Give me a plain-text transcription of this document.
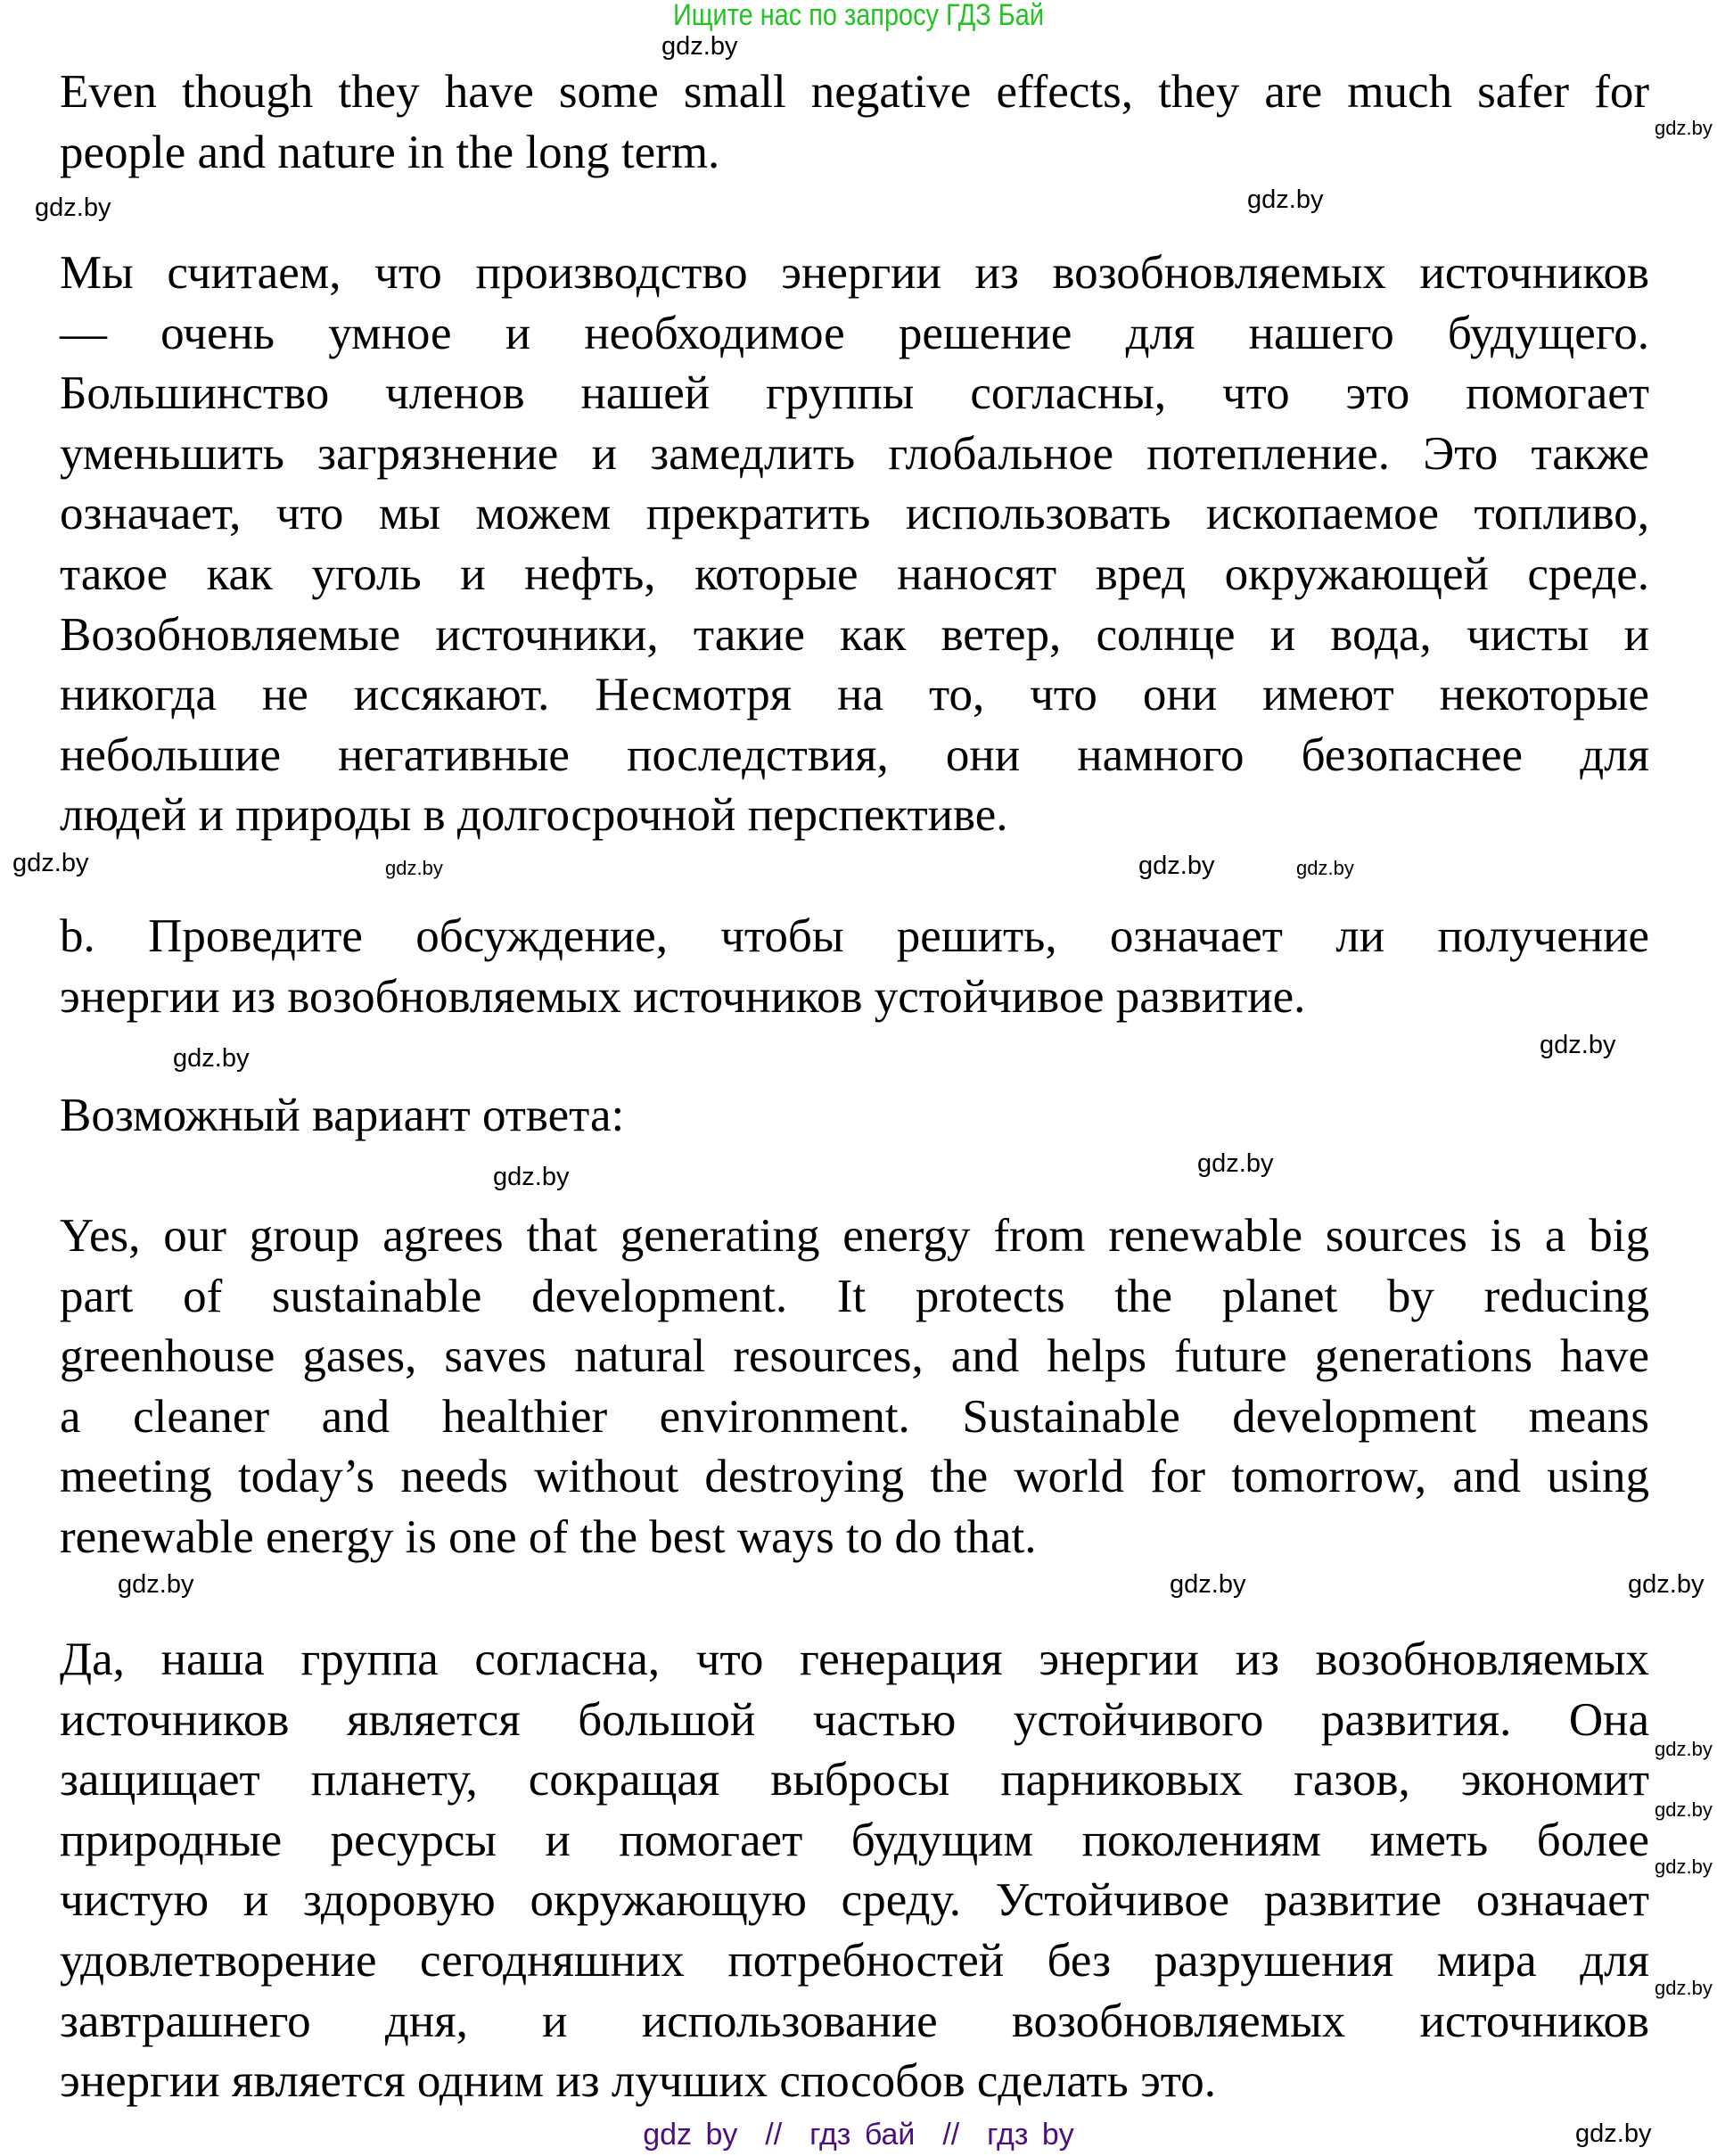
Ищите нас по запросу ГДЗ Бай
Even though they have some small negative effects, they are much safer for
people and nature in the long term.
Мы считаем, что производство энергии из возобновляемых источников
— очень умное и необходимое решение для нашего будущего.
Большинство членов нашей группы согласны, что это помогает
уменьшить загрязнение и замедлить глобальное потепление. Это также
означает, что мы можем прекратить использовать ископаемое топливо,
такое как уголь и нефть, которые наносят вред окружающей среде.
Возобновляемые источники, такие как ветер, солнце и вода, чисты и
никогда не иссякают. Несмотря на то, что они имеют некоторые
небольшие негативные последствия, они намного безопаснее для
людей и природы в долгосрочной перспективе.
b. Проведите обсуждение, чтобы решить, означает ли получение
энергии из возобновляемых источников устойчивое развитие.
Возможный вариант ответа:
Yes, our group agrees that generating energy from renewable sources is a big
part of sustainable development. It protects the planet by reducing
greenhouse gases, saves natural resources, and helps future generations have
a cleaner and healthier environment. Sustainable development means
meeting today’s needs without destroying the world for tomorrow, and using
renewable energy is one of the best ways to do that.
Да, наша группа согласна, что генерация энергии из возобновляемых
источников является большой частью устойчивого развития. Она
защищает планету, сокращая выбросы парниковых газов, экономит
природные ресурсы и помогает будущим поколениям иметь более
чистую и здоровую окружающую среду. Устойчивое развитие означает
удовлетворение сегодняшних потребностей без разрушения мира для
завтрашнего дня, и использование возобновляемых источников
энергии является одним из лучших способов сделать это.
gdz.by
gdz.by
gdz.by
gdz.by
gdz.by	gdz.by
gdz.by
gdz.by
gdz.by
gdz.by
gdz.by
gdz.by
gdz.by
gdz.by	gdz.by
gdz.by
gdz.by
gdz.by
gdz.by
gdz.by
gdz by  //  гдз бай  //  гдз by
